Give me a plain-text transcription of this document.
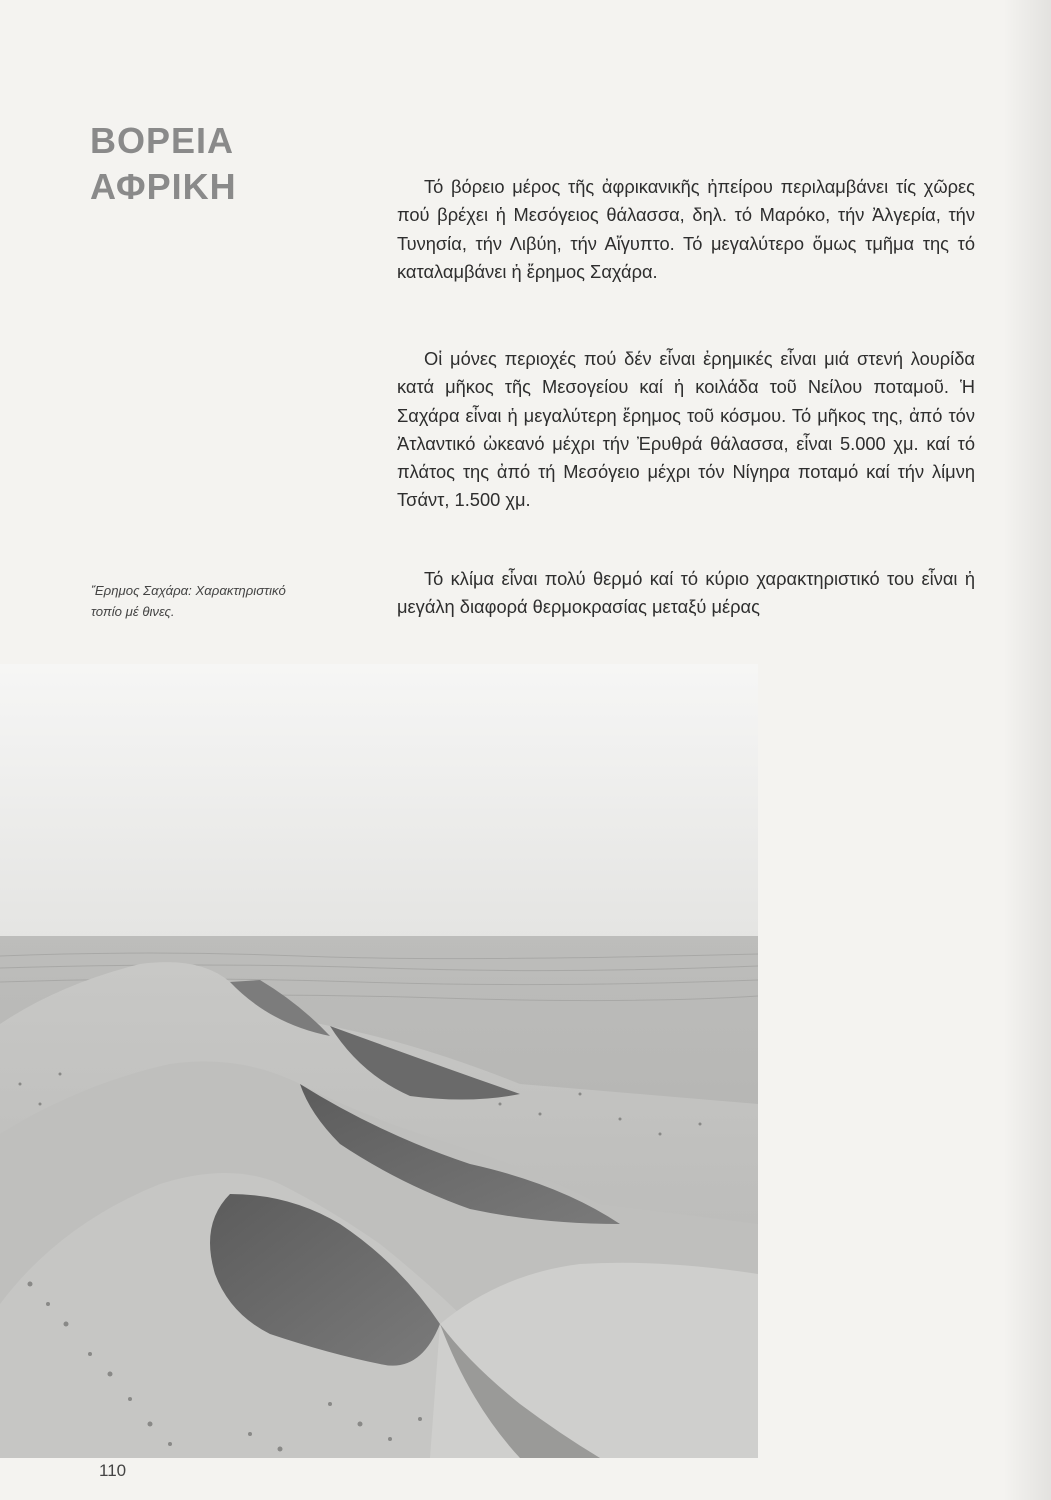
ΒΟΡΕΙΑ
ΑΦΡΙΚΗ	Τό βόρειο μέρος τῆς ἀφρικανικῆς ἠπείρου περιλαμβάνει τίς χῶρες πού βρέχει ἡ Μεσόγειος θάλασσα, δηλ. τό Μαρόκο, τήν Ἀλγερία, τήν Τυνησία, τήν Λιβύη, τήν Αἴγυπτο. Τό μεγαλύτερο ὅμως τμῆμα της τό καταλαμβάνει ἡ ἔρημος Σαχάρα.

Οἱ μόνες περιοχές πού δέν εἶναι ἐρημικές εἶναι μιά στενή λουρίδα κατά μῆκος τῆς Μεσογείου καί ἡ κοιλάδα τοῦ Νείλου ποταμοῦ. Ἡ Σαχάρα εἶναι ἡ μεγαλύτερη ἔρημος τοῦ κόσμου. Τό μῆκος της, ἀπό τόν Ἀτλαντικό ὠκεανό μέχρι τήν Ἐρυθρά θάλασσα, εἶναι 5.000 χμ. καί τό πλάτος της ἀπό τή Μεσόγειο μέχρι τόν Νίγηρα ποταμό καί τήν λίμνη Τσάντ, 1.500 χμ.

Τό κλίμα εἶναι πολύ θερμό καί τό κύριο χαρακτηριστικό του εἶναι ἡ μεγάλη διαφορά θερμοκρασίας μεταξύ μέρας

Ἔρημος Σαχάρα: Χαρακτηριστικό τοπίο μέ θινες.

110
